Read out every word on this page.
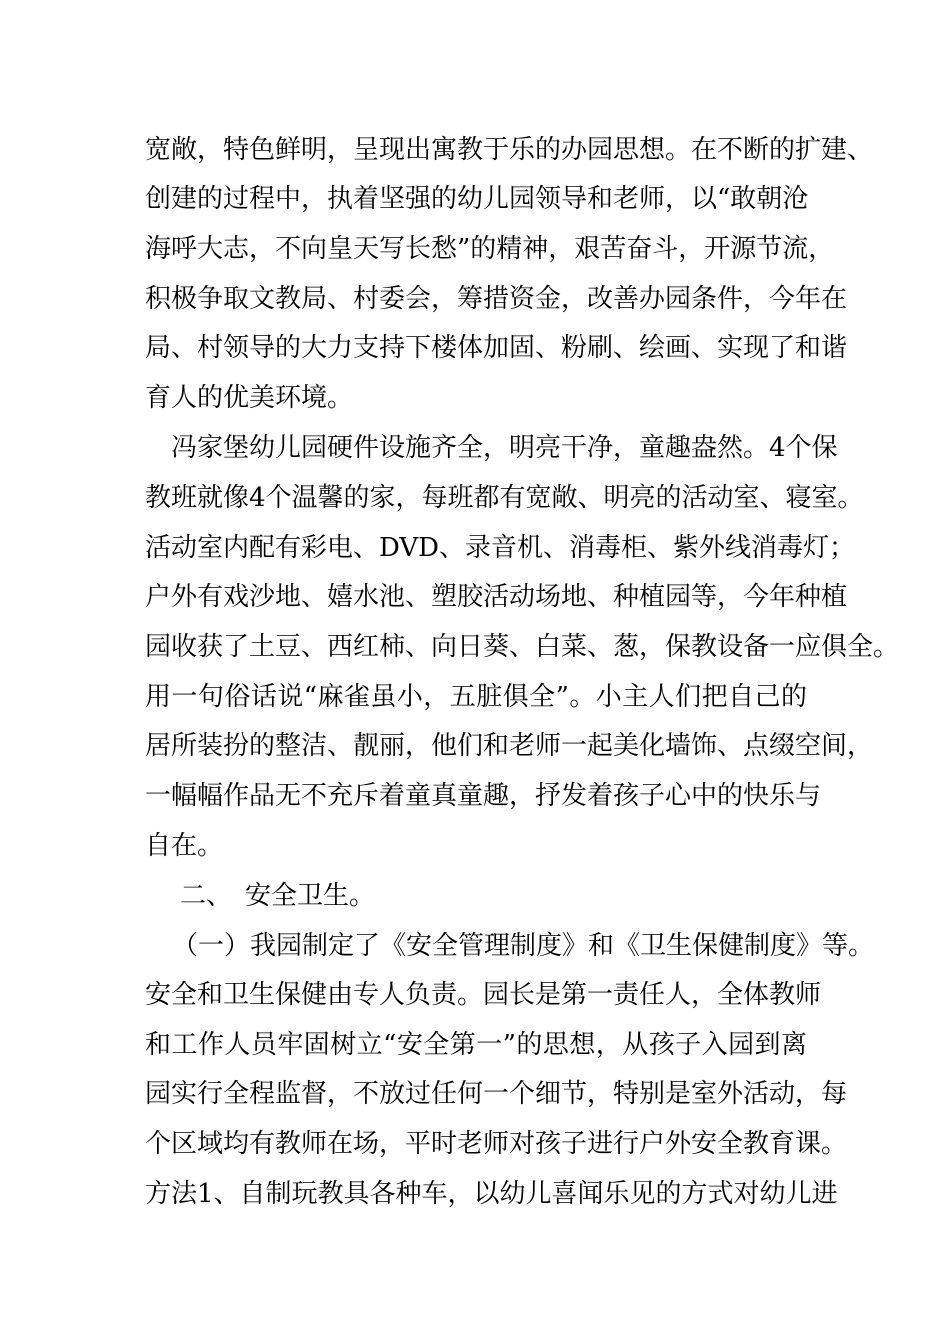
宽敞，特色鲜明，呈现出寓教于乐的办园思想。在不断的扩建、
创建的过程中，执着坚强的幼儿园领导和老师，以“敢朝沧
海呼大志，不向皇天写长愁”的精神，艰苦奋斗，开源节流，
积极争取文教局、村委会，筹措资金，改善办园条件，今年在
局、村领导的大力支持下楼体加固、粉刷、绘画、实现了和谐
育人的优美环境。
冯家堡幼儿园硬件设施齐全，明亮干净，童趣盎然。4个保
教班就像4个温馨的家，每班都有宽敞、明亮的活动室、寝室。
活动室内配有彩电、DVD、录音机、消毒柜、紫外线消毒灯；
户外有戏沙地、嬉水池、塑胶活动场地、种植园等，今年种植
园收获了土豆、西红柿、向日葵、白菜、葱，保教设备一应俱全。
用一句俗话说“麻雀虽小，五脏俱全”。小主人们把自己的
居所装扮的整洁、靓丽，他们和老师一起美化墙饰、点缀空间，
一幅幅作品无不充斥着童真童趣，抒发着孩子心中的快乐与
自在。
二、　安全卫生。
（一）我园制定了《安全管理制度》和《卫生保健制度》等。
安全和卫生保健由专人负责。园长是第一责任人，全体教师
和工作人员牢固树立“安全第一”的思想，从孩子入园到离
园实行全程监督，不放过任何一个细节，特别是室外活动，每
个区域均有教师在场，平时老师对孩子进行户外安全教育课。
方法1、自制玩教具各种车，以幼儿喜闻乐见的方式对幼儿进
